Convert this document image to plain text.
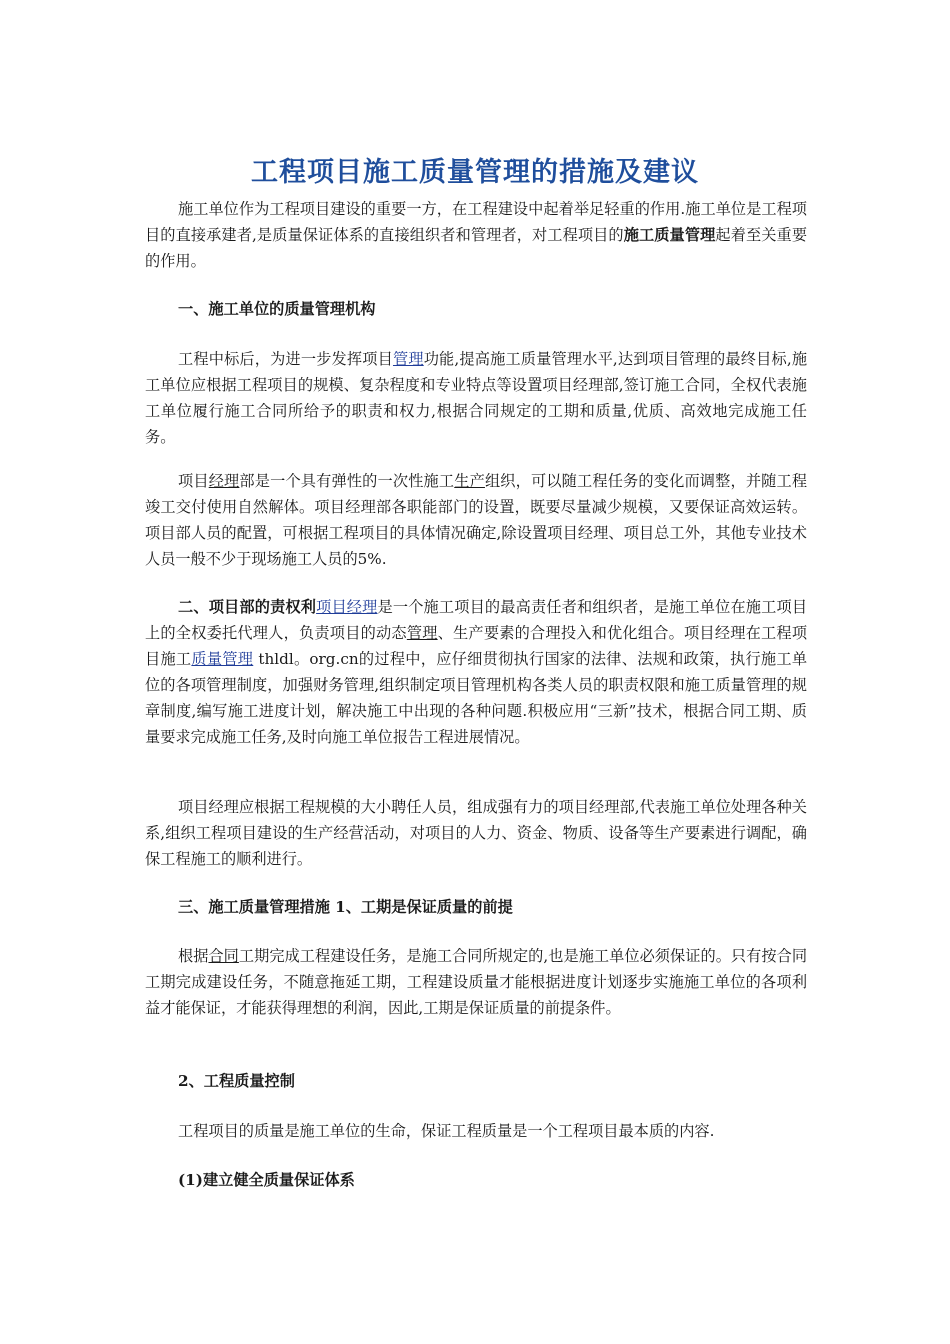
工程项目施工质量管理的措施及建议

施工单位作为工程项目建设的重要一方，在工程建设中起着举足轻重的作用.施工单位是工程项目的直接承建者,是质量保证体系的直接组织者和管理者，对工程项目的施工质量管理起着至关重要的作用。

一、施工单位的质量管理机构

工程中标后，为进一步发挥项目管理功能,提高施工质量管理水平,达到项目管理的最终目标,施工单位应根据工程项目的规模、复杂程度和专业特点等设置项目经理部,签订施工合同，全权代表施工单位履行施工合同所给予的职责和权力,根据合同规定的工期和质量,优质、高效地完成施工任务。

项目经理部是一个具有弹性的一次性施工生产组织，可以随工程任务的变化而调整，并随工程竣工交付使用自然解体。项目经理部各职能部门的设置，既要尽量减少规模，又要保证高效运转。项目部人员的配置，可根据工程项目的具体情况确定,除设置项目经理、项目总工外，其他专业技术人员一般不少于现场施工人员的5%.

二、项目部的责权利项目经理是一个施工项目的最高责任者和组织者，是施工单位在施工项目上的全权委托代理人，负责项目的动态管理、生产要素的合理投入和优化组合。项目经理在工程项目施工质量管理 thldl。org.cn的过程中，应仔细贯彻执行国家的法律、法规和政策，执行施工单位的各项管理制度，加强财务管理,组织制定项目管理机构各类人员的职责权限和施工质量管理的规章制度,编写施工进度计划，解决施工中出现的各种问题.积极应用“三新”技术，根据合同工期、质量要求完成施工任务,及时向施工单位报告工程进展情况。

项目经理应根据工程规模的大小聘任人员，组成强有力的项目经理部,代表施工单位处理各种关系,组织工程项目建设的生产经营活动，对项目的人力、资金、物质、设备等生产要素进行调配，确保工程施工的顺利进行。

三、施工质量管理措施 1、工期是保证质量的前提

根据合同工期完成工程建设任务，是施工合同所规定的,也是施工单位必须保证的。只有按合同工期完成建设任务，不随意拖延工期，工程建设质量才能根据进度计划逐步实施施工单位的各项利益才能保证，才能获得理想的利润，因此,工期是保证质量的前提条件。

2、工程质量控制

工程项目的质量是施工单位的生命，保证工程质量是一个工程项目最本质的内容.

(1)建立健全质量保证体系
